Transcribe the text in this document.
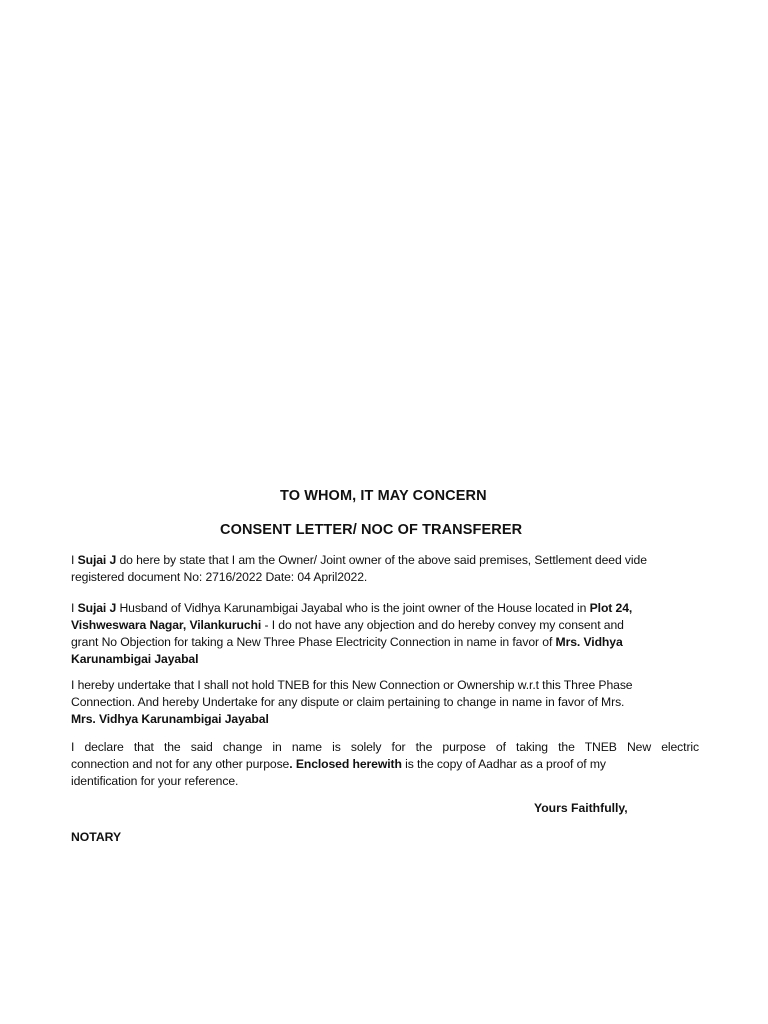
TO WHOM, IT MAY CONCERN
CONSENT LETTER/ NOC OF TRANSFERER
I Sujai J do here by state that I am the Owner/ Joint owner of the above said premises, Settlement deed vide
registered document No: 2716/2022 Date: 04 April2022.
I Sujai J Husband of Vidhya Karunambigai Jayabal who is the joint owner of the House located in Plot 24,
Vishweswara Nagar, Vilankuruchi - I do not have any objection and do hereby convey my consent and
grant No Objection for taking a New Three Phase Electricity Connection in name in favor of Mrs. Vidhya
Karunambigai Jayabal
I hereby undertake that I shall not hold TNEB for this New Connection or Ownership w.r.t this Three Phase
Connection. And hereby Undertake for any dispute or claim pertaining to change in name in favor of Mrs.
Mrs. Vidhya Karunambigai Jayabal
I declare that the said change in name is solely for the purpose of taking the TNEB New electric
connection and not for any other purpose. Enclosed herewith is the copy of Aadhar as a proof of my
identification for your reference.
Yours Faithfully,
NOTARY
